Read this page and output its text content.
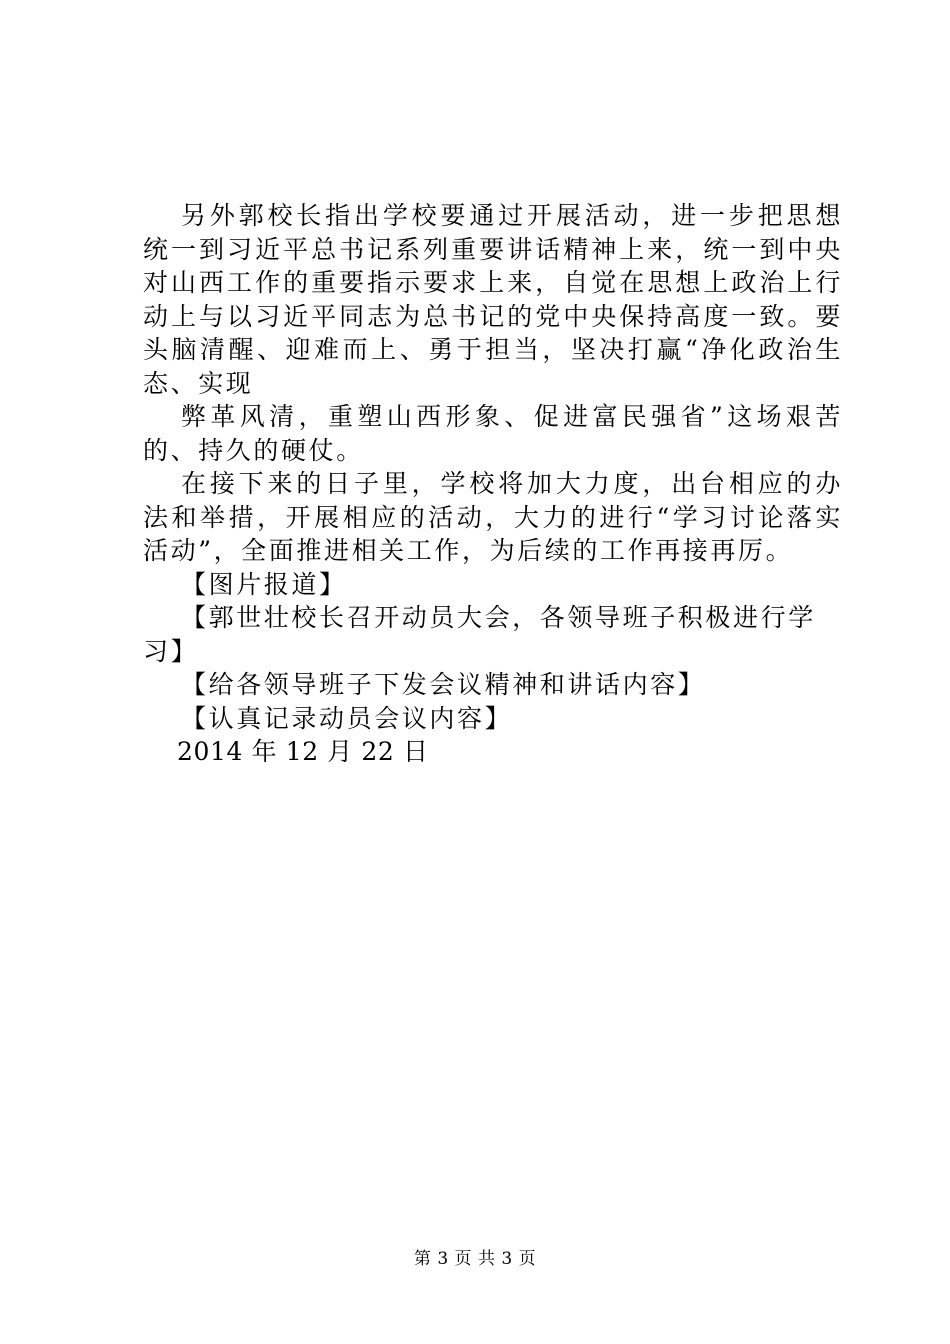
另外郭校长指出学校要通过开展活动，进一步把思想统一到习近平总书记系列重要讲话精神上来，统一到中央对山西工作的重要指示要求上来，自觉在思想上政治上行动上与以习近平同志为总书记的党中央保持高度一致。要头脑清醒、迎难而上、勇于担当，坚决打赢“净化政治生态、实现

弊革风清，重塑山西形象、促进富民强省”这场艰苦的、持久的硬仗。

在接下来的日子里，学校将加大力度，出台相应的办法和举措，开展相应的活动，大力的进行“学习讨论落实活动”，全面推进相关工作，为后续的工作再接再厉。

【图片报道】

【郭世壮校长召开动员大会，各领导班子积极进行学习】

【给各领导班子下发会议精神和讲话内容】

【认真记录动员会议内容】

2014 年 12 月 22 日

第 3 页 共 3 页
